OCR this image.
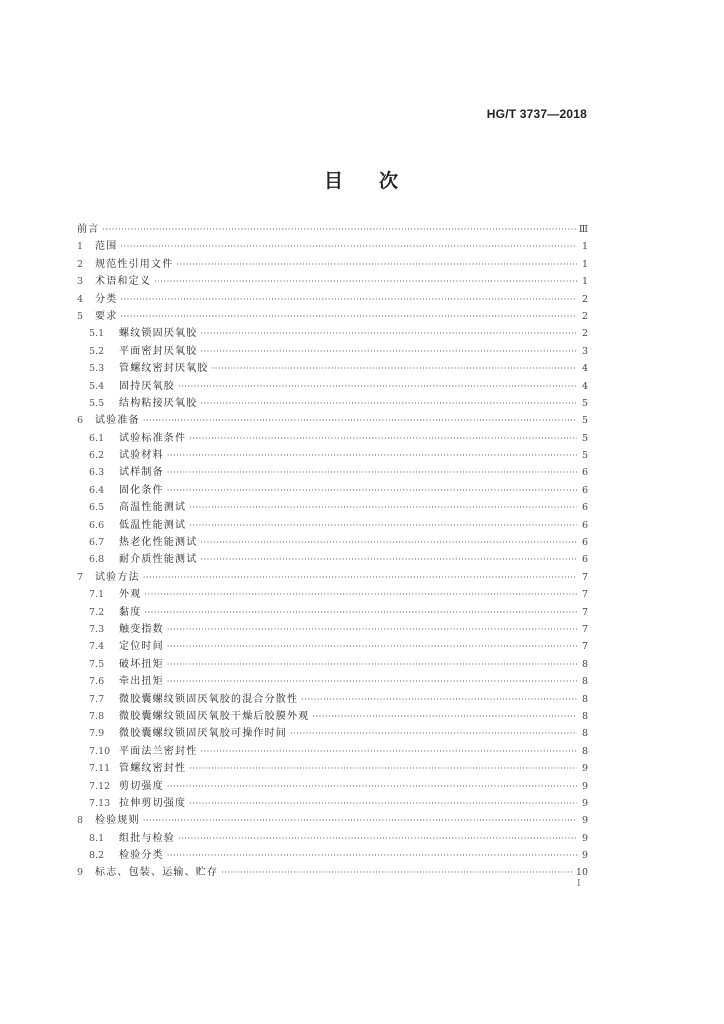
HG/T 3737—2018
目 次
前言 ·····	Ⅲ
1	范围 ·····	1
2	规范性引用文件 ·····	1
3	术语和定义 ·····	1
4	分类 ·····	2
5	要求 ·····	2
5.1	螺纹锁固厌氧胶 ·····	2
5.2	平面密封厌氧胶 ·····	3
5.3	管螺纹密封厌氧胶 ·····	4
5.4	固持厌氧胶 ·····	4
5.5	结构粘接厌氧胶 ·····	5
6	试验准备 ·····	5
6.1	试验标准条件 ·····	5
6.2	试验材料 ·····	5
6.3	试样制备 ·····	6
6.4	固化条件 ·····	6
6.5	高温性能测试 ·····	6
6.6	低温性能测试 ·····	6
6.7	热老化性能测试 ·····	6
6.8	耐介质性能测试 ·····	6
7	试验方法 ·····	7
7.1	外观 ·····	7
7.2	黏度 ·····	7
7.3	触变指数 ·····	7
7.4	定位时间 ·····	7
7.5	破坏扭矩 ·····	8
7.6	牵出扭矩 ·····	8
7.7	微胶囊螺纹锁固厌氧胶的混合分散性 ·····	8
7.8	微胶囊螺纹锁固厌氧胶干燥后胶膜外观 ·····	8
7.9	微胶囊螺纹锁固厌氧胶可操作时间 ·····	8
7.10 平面法兰密封性 ·····	8
7.11 管螺纹密封性 ·····	9
7.12 剪切强度 ·····	9
7.13 拉伸剪切强度 ·····	9
8	检验规则 ·····	9
8.1	组批与检验 ·····	9
8.2	检验分类 ·····	9
9	标志、包装、运输、贮存 ·····	10
I
